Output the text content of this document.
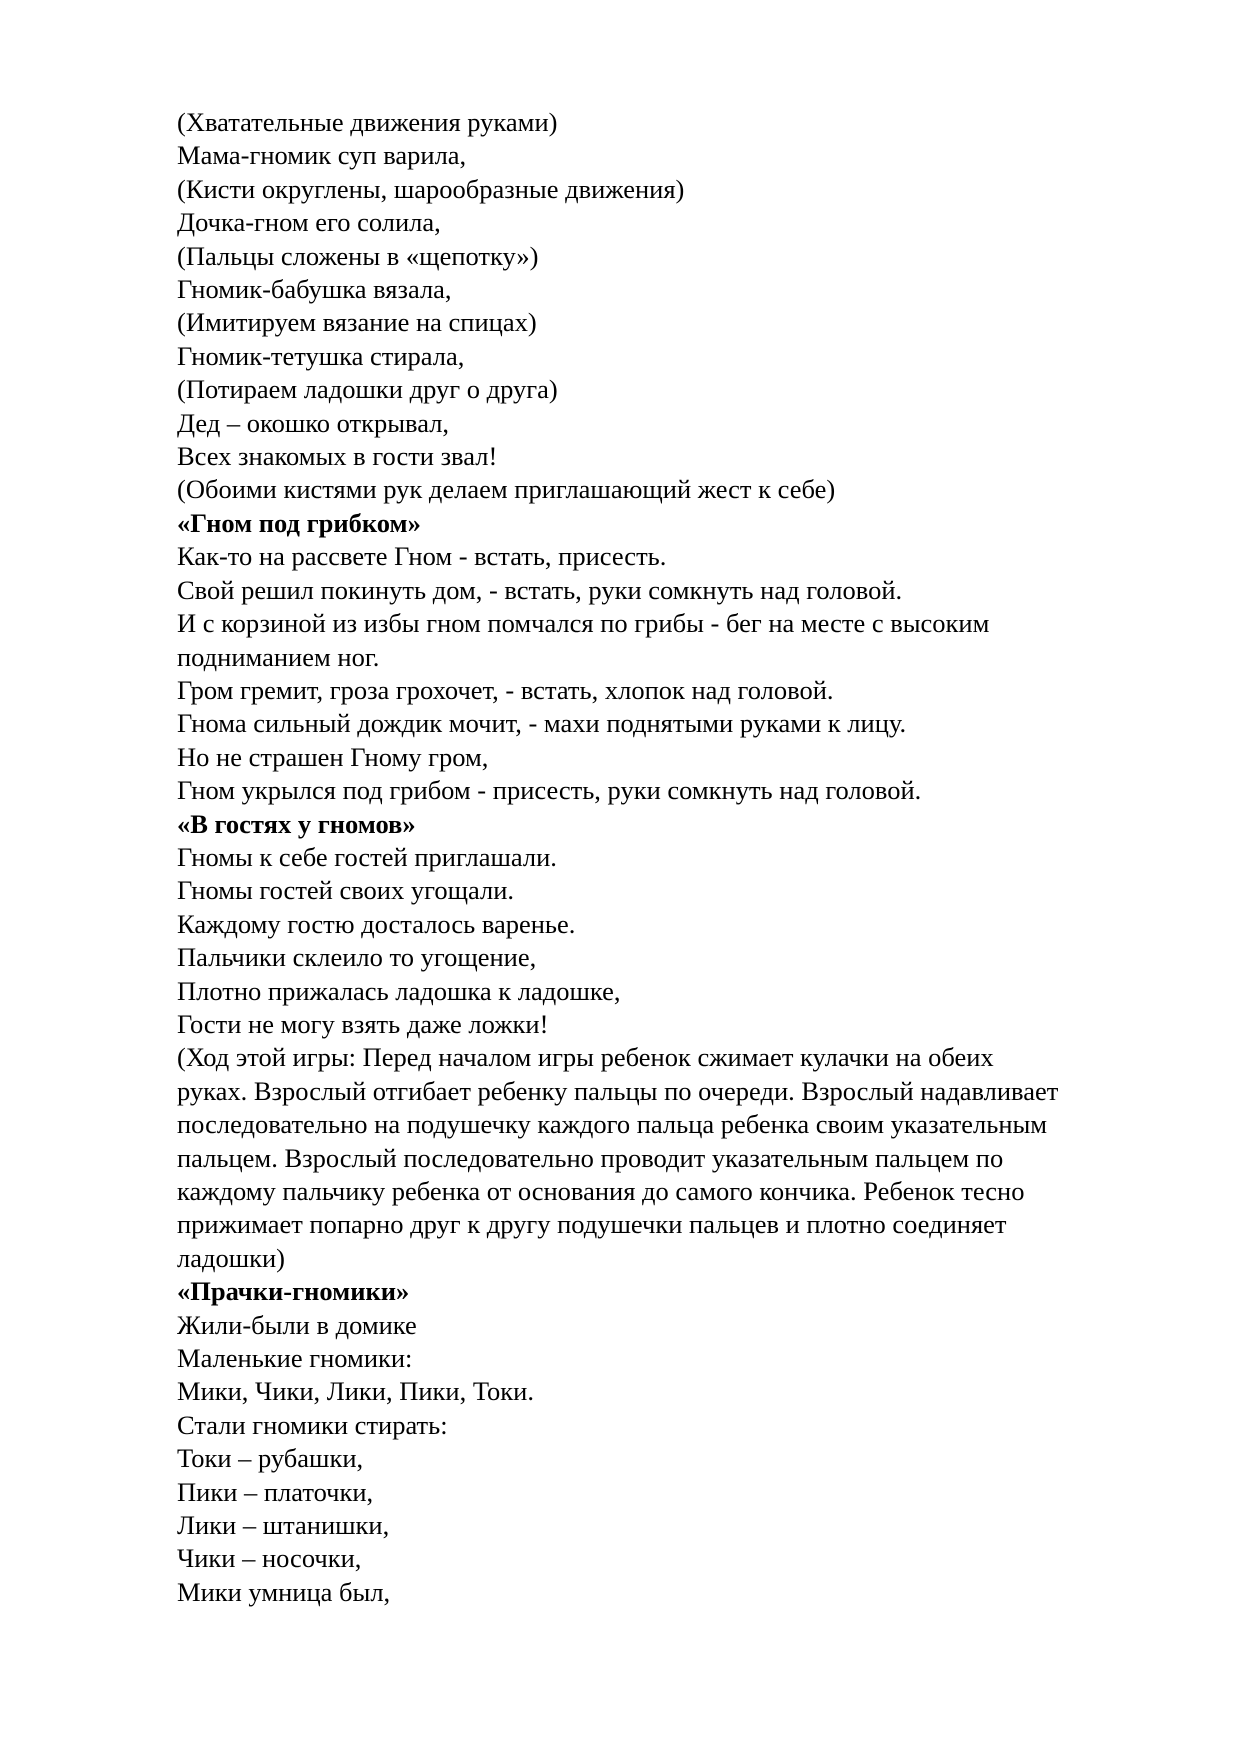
(Хватательные движения руками)
Мама-гномик суп варила,
(Кисти округлены, шарообразные движения)
Дочка-гном его солила,
(Пальцы сложены в «щепотку»)
Гномик-бабушка вязала,
(Имитируем вязание на спицах)
Гномик-тетушка стирала,
(Потираем ладошки друг о друга)
Дед – окошко открывал,
Всех знакомых в гости звал!
(Обоими кистями рук делаем приглашающий жест к себе)
«Гном под грибком»
Как-то на рассвете Гном - встать, присесть.
Свой решил покинуть дом, - встать, руки сомкнуть над головой.
И с корзиной из избы гном помчался по грибы - бег на месте с высоким
подниманием ног.
Гром гремит, гроза грохочет, - встать, хлопок над головой.
Гнома сильный дождик мочит, - махи поднятыми руками к лицу.
Но не страшен Гному гром,
Гном укрылся под грибом - присесть, руки сомкнуть над головой.
«В гостях у гномов»
Гномы к себе гостей приглашали.
Гномы гостей своих угощали.
Каждому гостю досталось варенье.
Пальчики склеило то угощение,
Плотно прижалась ладошка к ладошке,
Гости не могу взять даже ложки!
(Ход этой игры: Перед началом игры ребенок сжимает кулачки на обеих
руках. Взрослый отгибает ребенку пальцы по очереди. Взрослый надавливает
последовательно на подушечку каждого пальца ребенка своим указательным
пальцем. Взрослый последовательно проводит указательным пальцем по
каждому пальчику ребенка от основания до самого кончика. Ребенок тесно
прижимает попарно друг к другу подушечки пальцев и плотно соединяет
ладошки)
«Прачки-гномики»
Жили-были в домике
Маленькие гномики:
Мики, Чики, Лики, Пики, Токи.
Стали гномики стирать:
Токи – рубашки,
Пики – платочки,
Лики – штанишки,
Чики – носочки,
Мики умница был,
